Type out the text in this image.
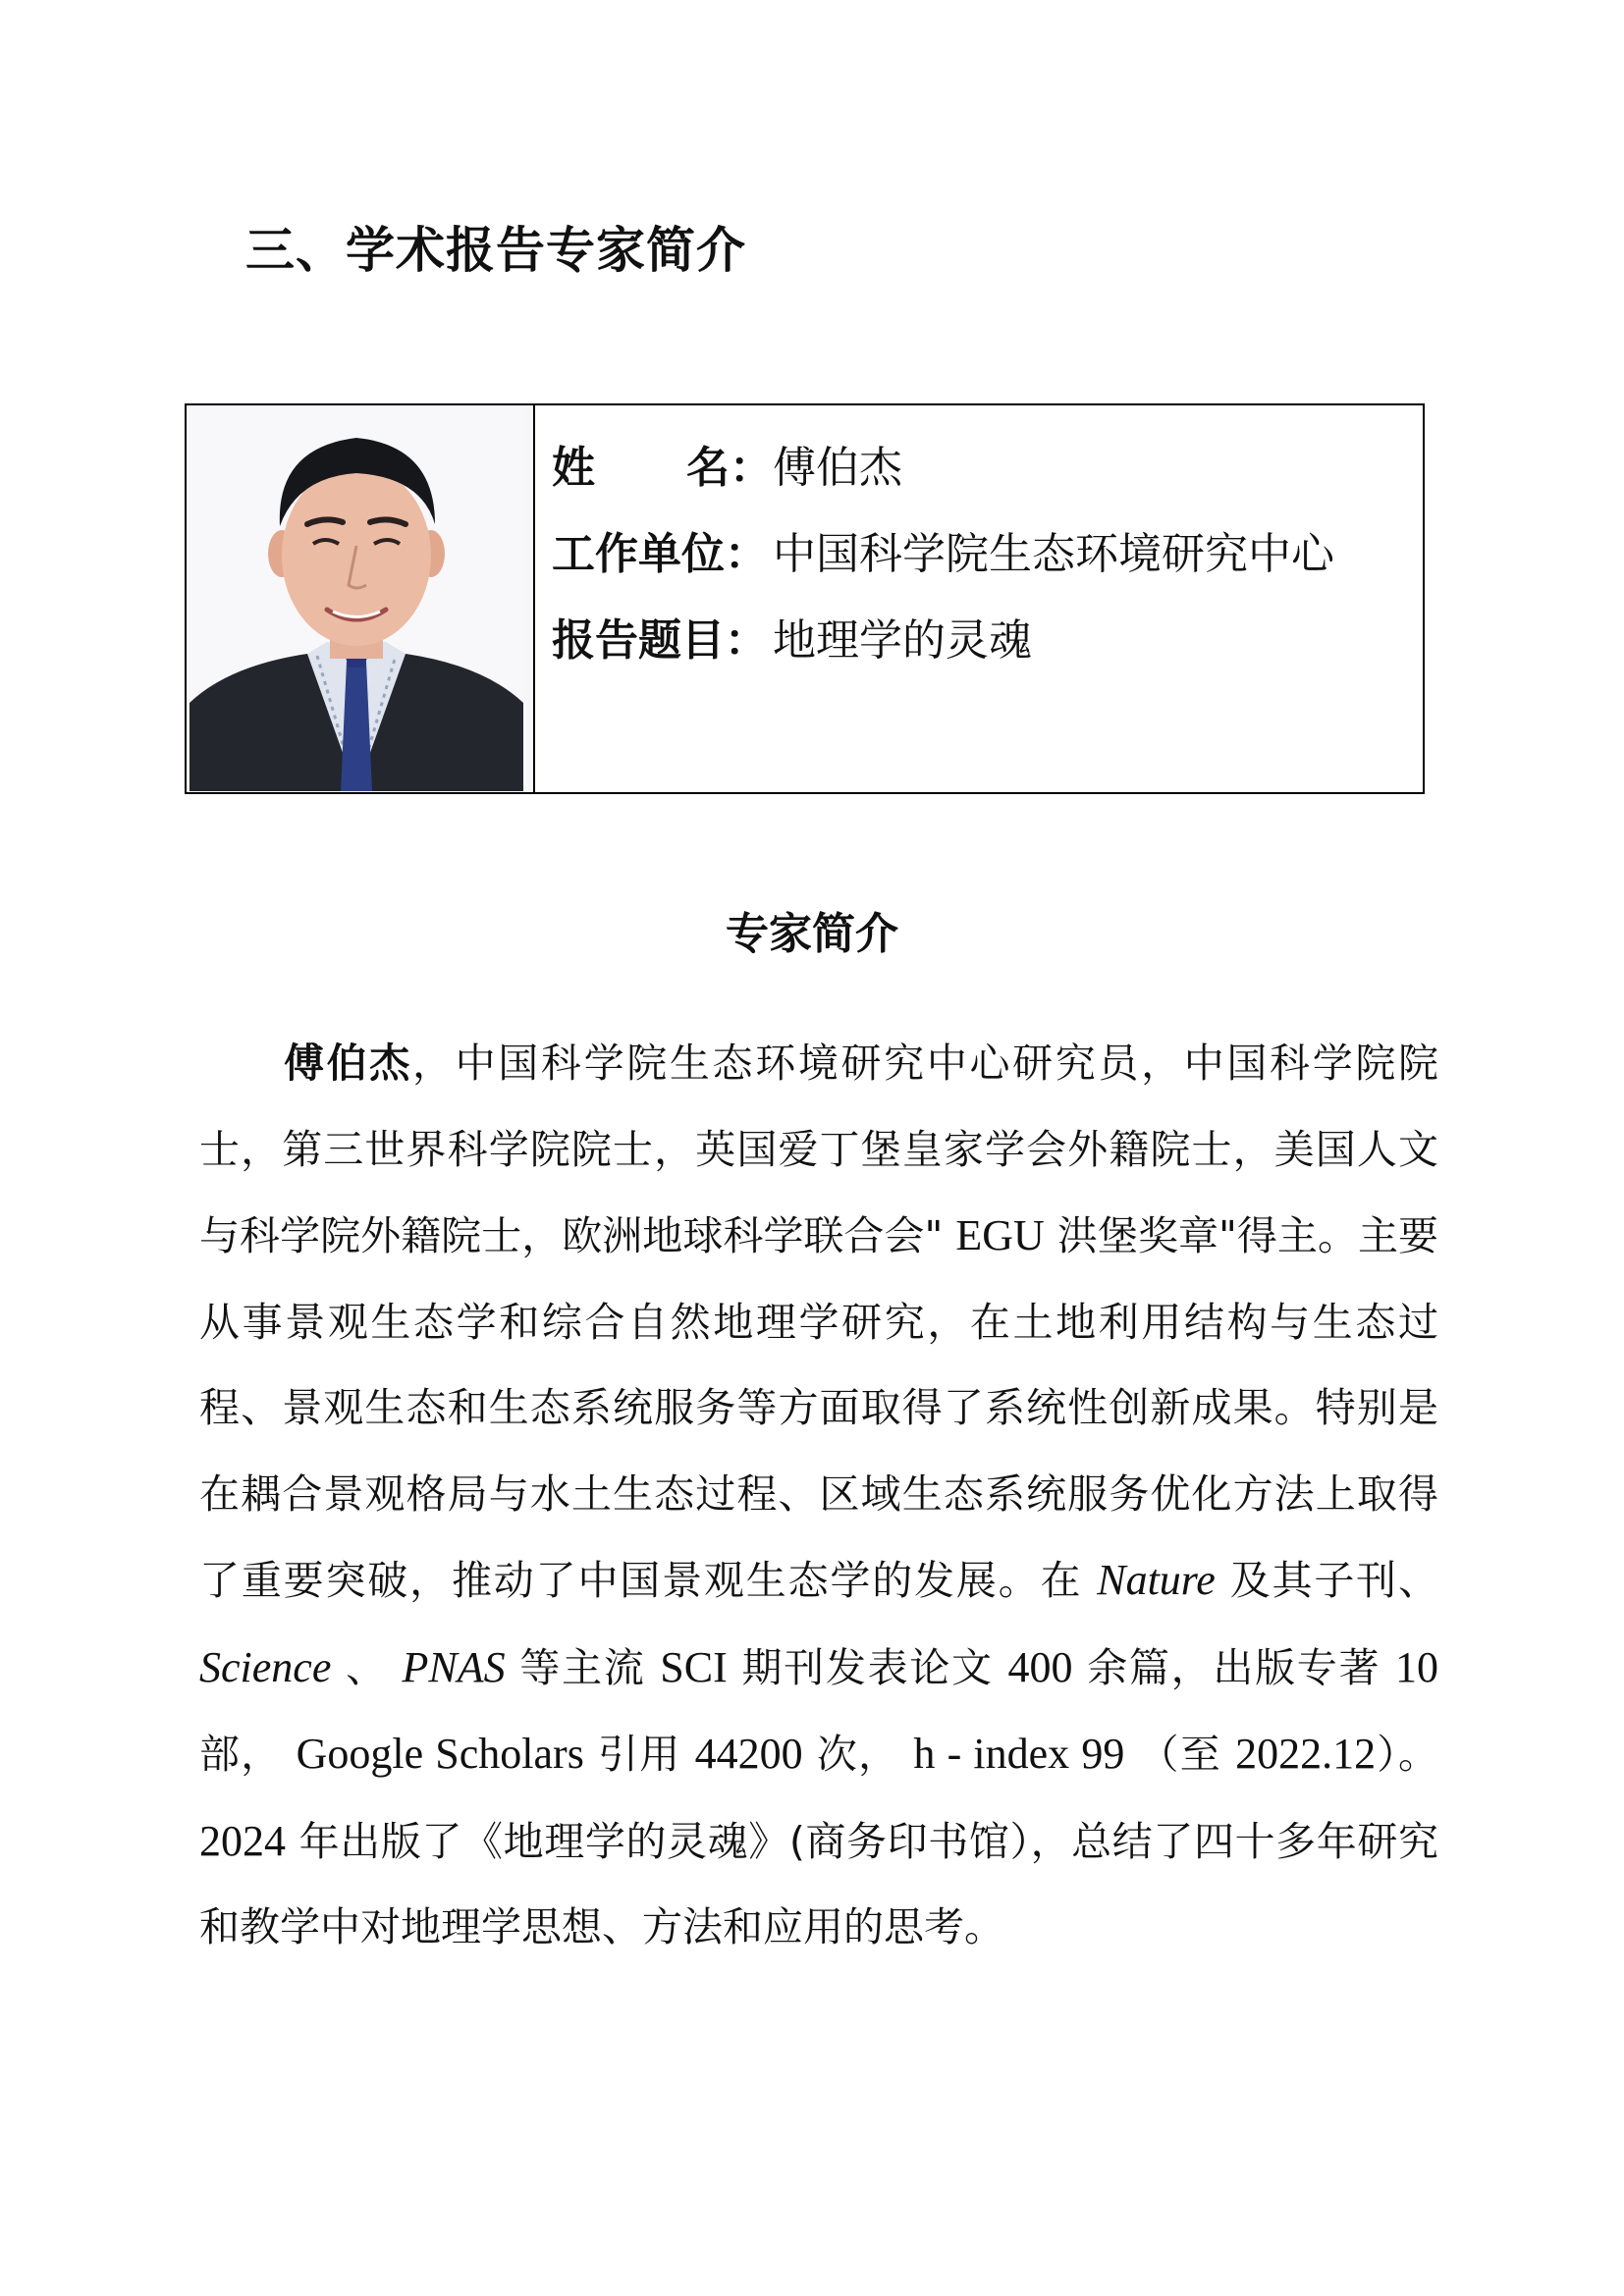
三、学术报告专家简介
姓 名： 傅伯杰
工作单位： 中国科学院生态环境研究中心
报告题目： 地理学的灵魂
专家简介

傅伯杰，中国科学院生态环境研究中心研究员，中国科学院院士，第三世界科学院院士，英国爱丁堡皇家学会外籍院士，美国人文与科学院外籍院士，欧洲地球科学联合会" EGU 洪堡奖章"得主。主要从事景观生态学和综合自然地理学研究，在土地利用结构与生态过程、景观生态和生态系统服务等方面取得了系统性创新成果。特别是在耦合景观格局与水土生态过程、区域生态系统服务优化方法上取得了重要突破，推动了中国景观生态学的发展。在 Nature 及其子刊、 Science 、 PNAS 等主流 SCI 期刊发表论文 400 余篇，出版专著 10 部， Google Scholars 引用 44200 次， h - index 99 （至 2022.12）。2024 年出版了《地理学的灵魂》(商务印书馆），总结了四十多年研究和教学中对地理学思想、方法和应用的思考。
